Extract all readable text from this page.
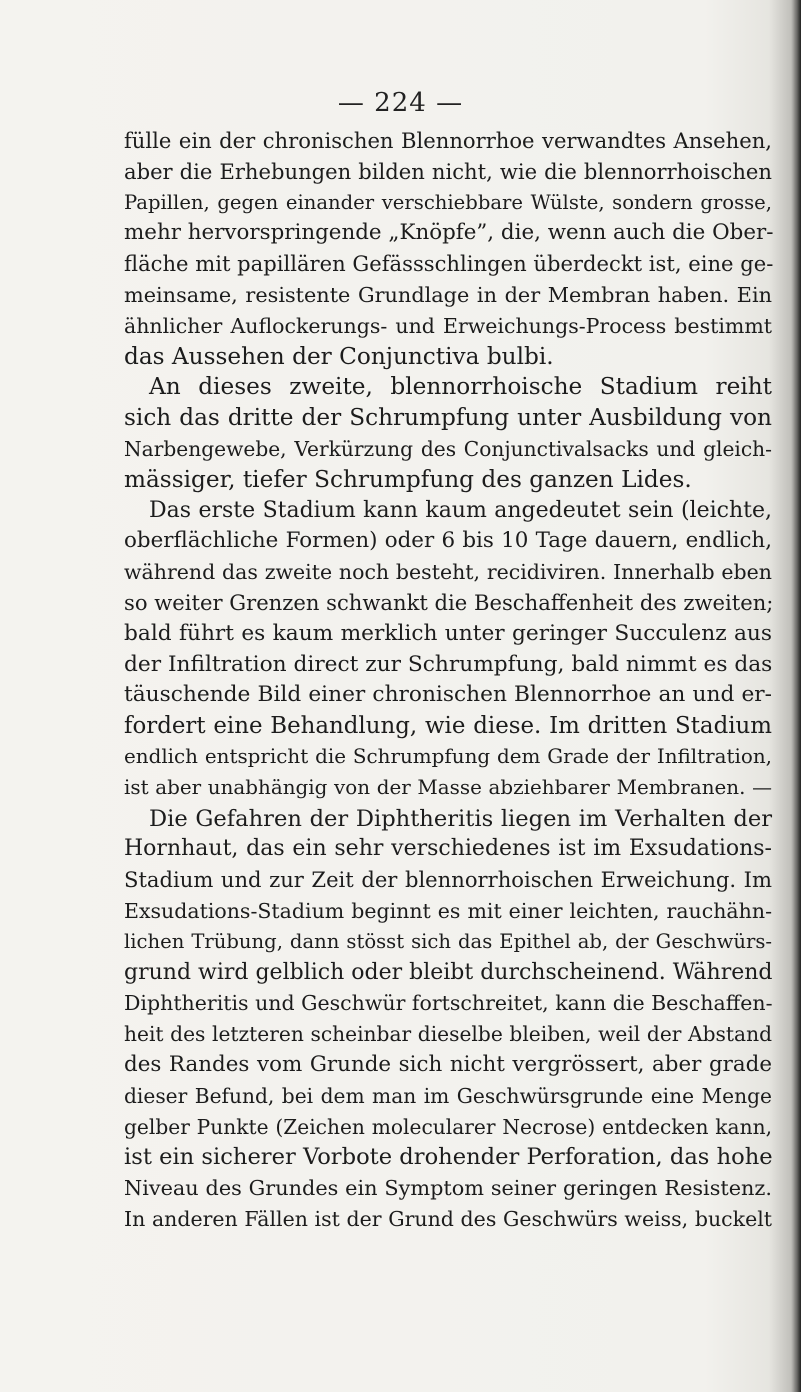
— 224 —
fülle ein der chronischen Blennorrhoe verwandtes Ansehen,
aber die Erhebungen bilden nicht, wie die blennorrhoischen
Papillen, gegen einander verschiebbare Wülste, sondern grosse,
mehr hervorspringende „Knöpfe”, die, wenn auch die Ober-
fläche mit papillären Gefässschlingen überdeckt ist, eine ge-
meinsame, resistente Grundlage in der Membran haben. Ein
ähnlicher Auflockerungs- und Erweichungs-Process bestimmt
das Aussehen der Conjunctiva bulbi.
An dieses zweite, blennorrhoische Stadium reiht
sich das dritte der Schrumpfung unter Ausbildung von
Narbengewebe, Verkürzung des Conjunctivalsacks und gleich-
mässiger, tiefer Schrumpfung des ganzen Lides.
Das erste Stadium kann kaum angedeutet sein (leichte,
oberflächliche Formen) oder 6 bis 10 Tage dauern, endlich,
während das zweite noch besteht, recidiviren. Innerhalb eben
so weiter Grenzen schwankt die Beschaffenheit des zweiten;
bald führt es kaum merklich unter geringer Succulenz aus
der Infiltration direct zur Schrumpfung, bald nimmt es das
täuschende Bild einer chronischen Blennorrhoe an und er-
fordert eine Behandlung, wie diese. Im dritten Stadium
endlich entspricht die Schrumpfung dem Grade der Infiltration,
ist aber unabhängig von der Masse abziehbarer Membranen. —
Die Gefahren der Diphtheritis liegen im Verhalten der
Hornhaut, das ein sehr verschiedenes ist im Exsudations-
Stadium und zur Zeit der blennorrhoischen Erweichung. Im
Exsudations-Stadium beginnt es mit einer leichten, rauchähn-
lichen Trübung, dann stösst sich das Epithel ab, der Geschwürs-
grund wird gelblich oder bleibt durchscheinend. Während
Diphtheritis und Geschwür fortschreitet, kann die Beschaffen-
heit des letzteren scheinbar dieselbe bleiben, weil der Abstand
des Randes vom Grunde sich nicht vergrössert, aber grade
dieser Befund, bei dem man im Geschwürsgrunde eine Menge
gelber Punkte (Zeichen molecularer Necrose) entdecken kann,
ist ein sicherer Vorbote drohender Perforation, das hohe
Niveau des Grundes ein Symptom seiner geringen Resistenz.
In anderen Fällen ist der Grund des Geschwürs weiss, buckelt
